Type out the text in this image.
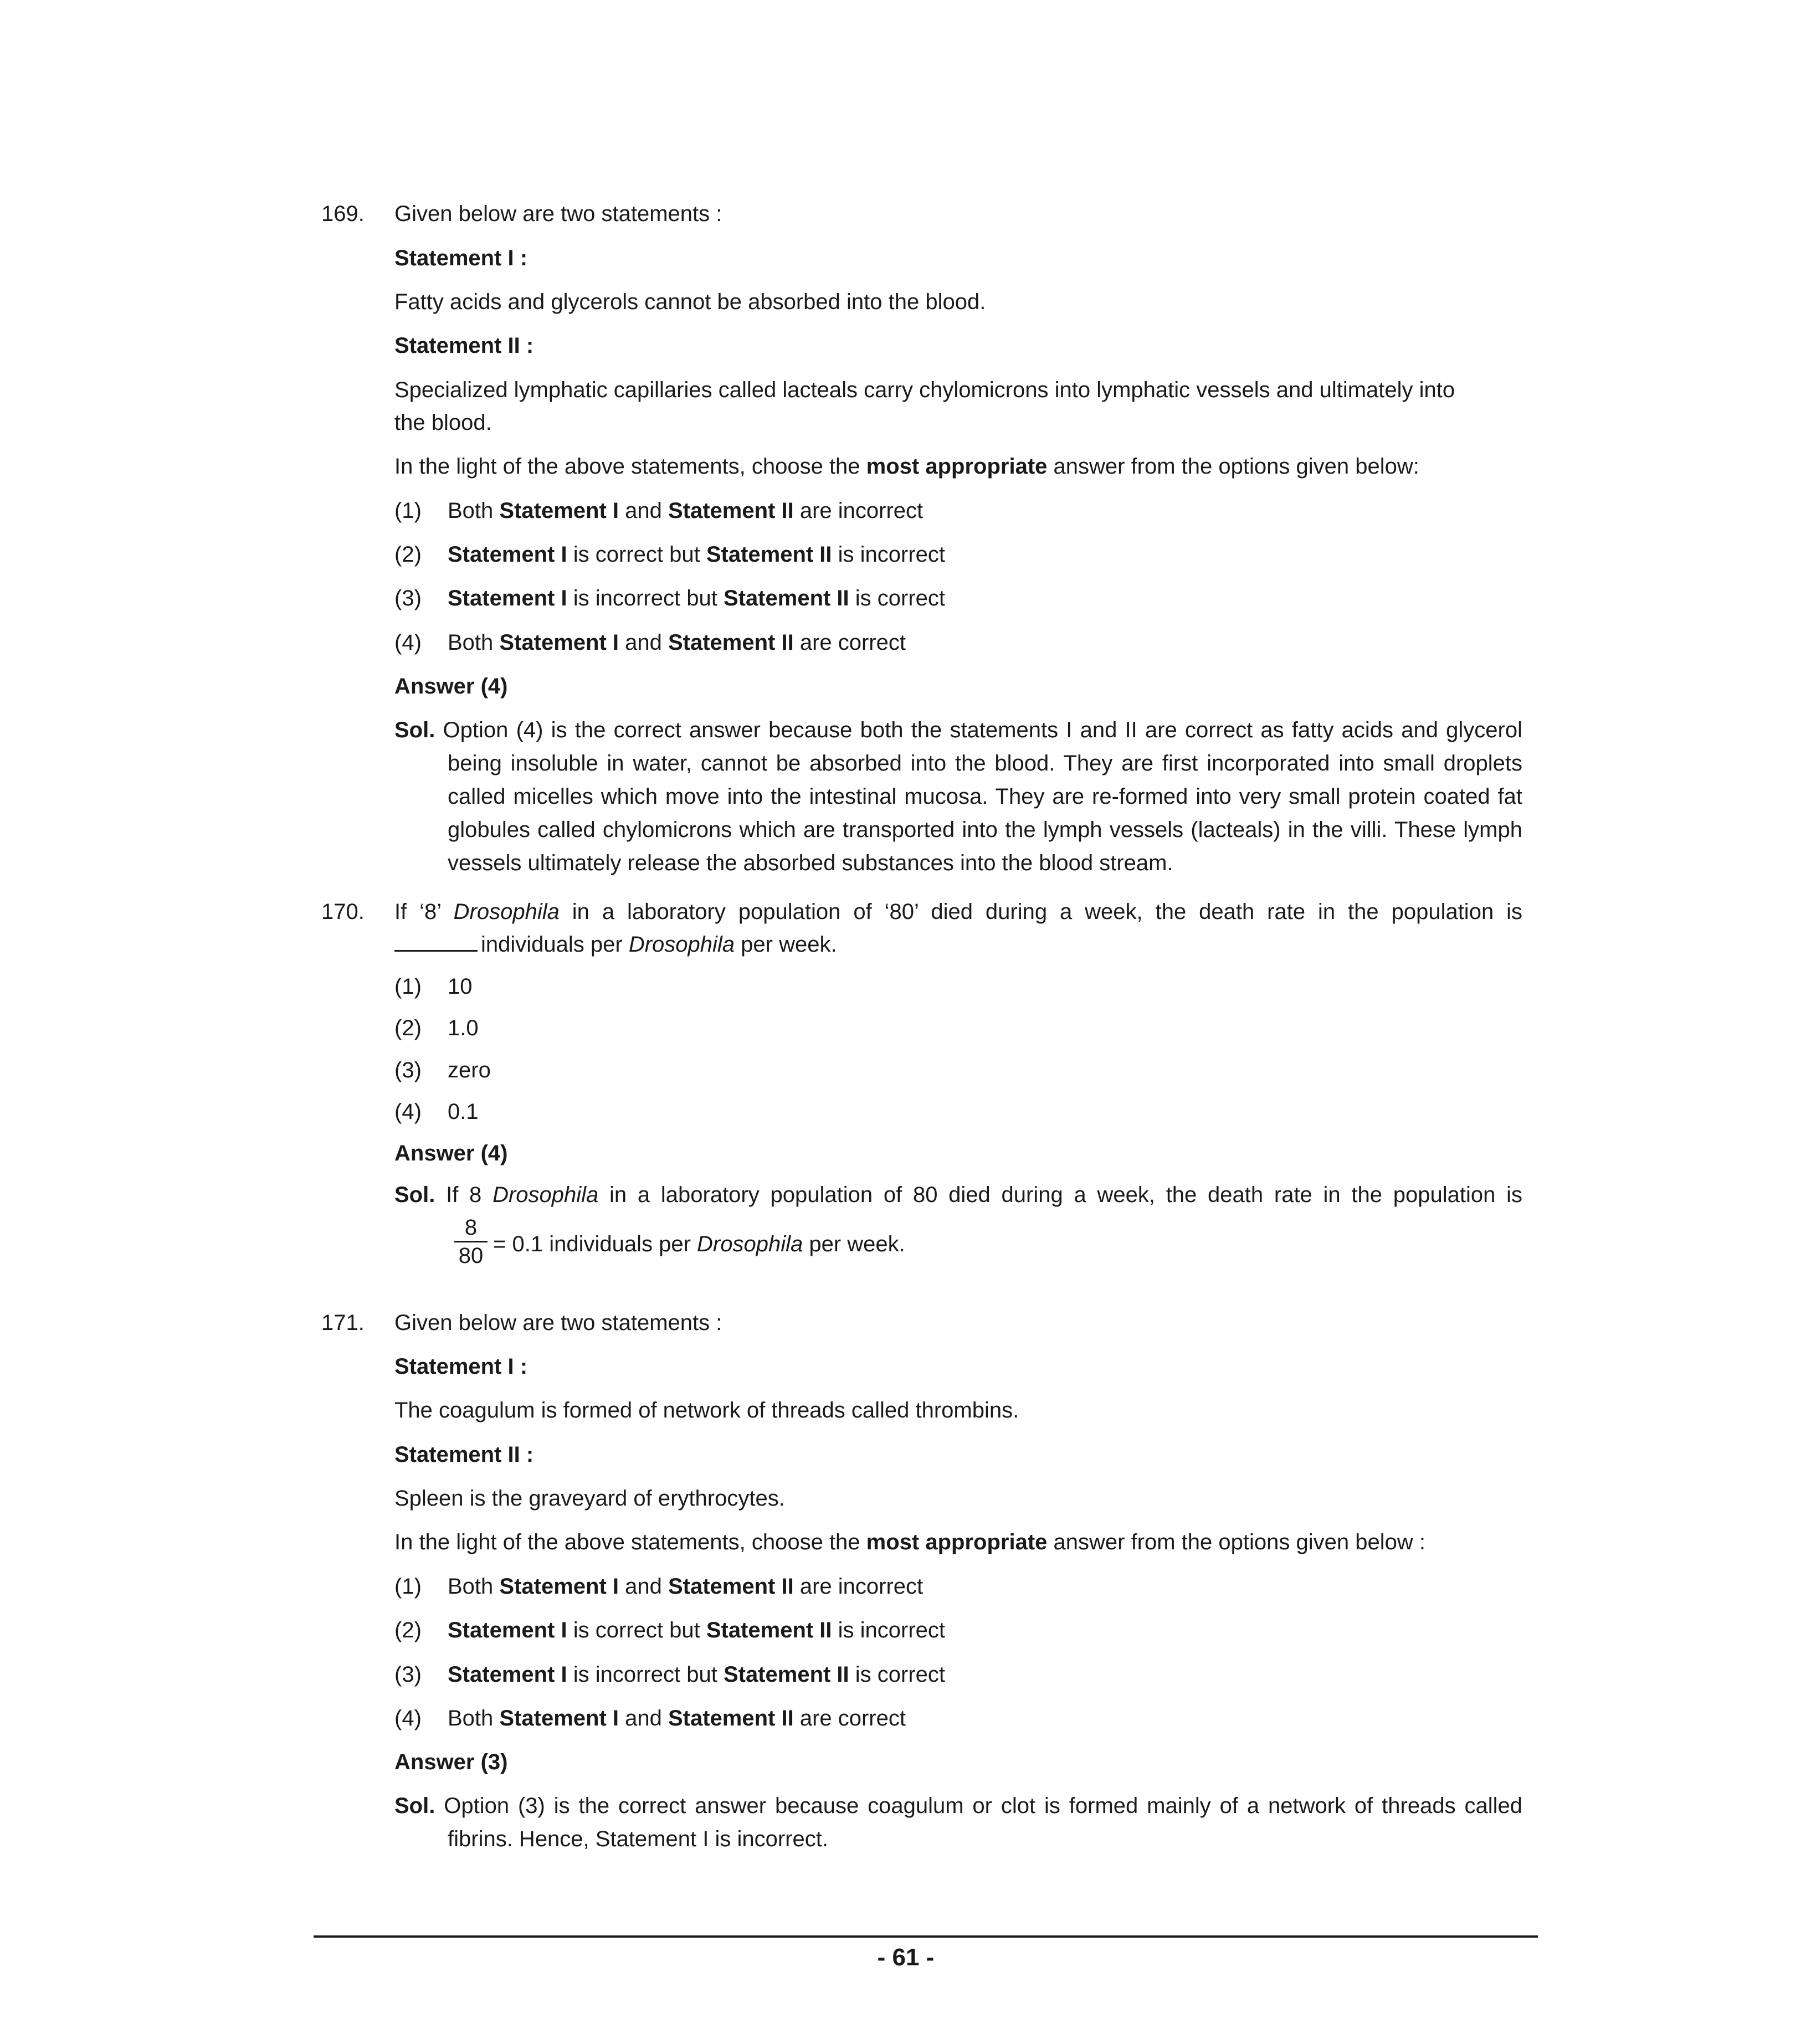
169. Given below are two statements :
Statement I :
Fatty acids and glycerols cannot be absorbed into the blood.
Statement II :
Specialized lymphatic capillaries called lacteals carry chylomicrons into lymphatic vessels and ultimately into
the blood.
In the light of the above statements, choose the most appropriate answer from the options given below:
(1) Both Statement I and Statement II are incorrect
(2) Statement I is correct but Statement II is incorrect
(3) Statement I is incorrect but Statement II is correct
(4) Both Statement I and Statement II are correct
Answer (4)
Sol. Option (4) is the correct answer because both the statements I and II are correct as fatty acids and glycerol being insoluble in water, cannot be absorbed into the blood. They are first incorporated into small droplets called micelles which move into the intestinal mucosa. They are re-formed into very small protein coated fat globules called chylomicrons which are transported into the lymph vessels (lacteals) in the villi. These lymph vessels ultimately release the absorbed substances into the blood stream.
170. If ‘8’ Drosophila in a laboratory population of ‘80’ died during a week, the death rate in the population is
individuals per Drosophila per week.
(1) 10
(2) 1.0
(3) zero
(4) 0.1
Answer (4)
Sol. If 8 Drosophila in a laboratory population of 80 died during a week, the death rate in the population is
$\frac{8}{80} = 0.1$ individuals per Drosophila per week.
171. Given below are two statements :
Statement I :
The coagulum is formed of network of threads called thrombins.
Statement II :
Spleen is the graveyard of erythrocytes.
In the light of the above statements, choose the most appropriate answer from the options given below :
(1) Both Statement I and Statement II are incorrect
(2) Statement I is correct but Statement II is incorrect
(3) Statement I is incorrect but Statement II is correct
(4) Both Statement I and Statement II are correct
Answer (3)
Sol. Option (3) is the correct answer because coagulum or clot is formed mainly of a network of threads called fibrins. Hence, Statement I is incorrect.
- 61 -
